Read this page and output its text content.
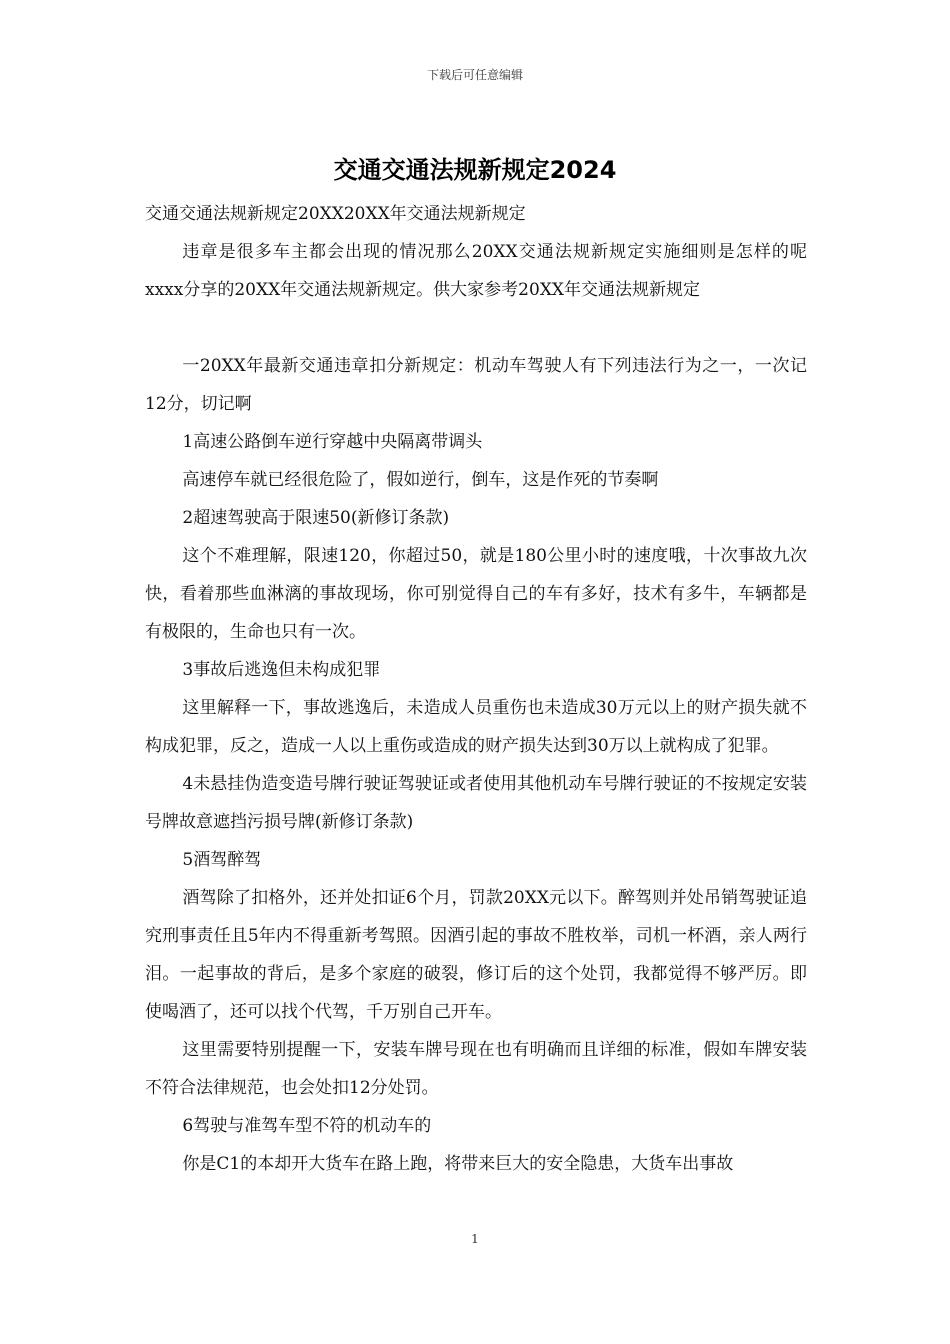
下载后可任意编辑
交通交通法规新规定2024

交通交通法规新规定20XX20XX年交通法规新规定

违章是很多车主都会出现的情况那么20XX交通法规新规定实施细则是怎样的呢xxxx分享的20XX年交通法规新规定。供大家参考20XX年交通法规新规定

一20XX年最新交通违章扣分新规定：机动车驾驶人有下列违法行为之一，一次记12分，切记啊

1高速公路倒车逆行穿越中央隔离带调头

高速停车就已经很危险了，假如逆行，倒车，这是作死的节奏啊

2超速驾驶高于限速50(新修订条款)

这个不难理解，限速120，你超过50，就是180公里小时的速度哦，十次事故九次快，看着那些血淋漓的事故现场，你可别觉得自己的车有多好，技术有多牛，车辆都是有极限的，生命也只有一次。

3事故后逃逸但未构成犯罪

这里解释一下，事故逃逸后，未造成人员重伤也未造成30万元以上的财产损失就不构成犯罪，反之，造成一人以上重伤或造成的财产损失达到30万以上就构成了犯罪。

4未悬挂伪造变造号牌行驶证驾驶证或者使用其他机动车号牌行驶证的不按规定安装号牌故意遮挡污损号牌(新修订条款)

5酒驾醉驾

酒驾除了扣格外，还并处扣证6个月，罚款20XX元以下。醉驾则并处吊销驾驶证追究刑事责任且5年内不得重新考驾照。因酒引起的事故不胜枚举，司机一杯酒，亲人两行泪。一起事故的背后，是多个家庭的破裂，修订后的这个处罚，我都觉得不够严厉。即使喝酒了，还可以找个代驾，千万别自己开车。

这里需要特别提醒一下，安装车牌号现在也有明确而且详细的标准，假如车牌安装不符合法律规范，也会处扣12分处罚。

6驾驶与准驾车型不符的机动车的

你是C1的本却开大货车在路上跑，将带来巨大的安全隐患，大货车出事故

1
